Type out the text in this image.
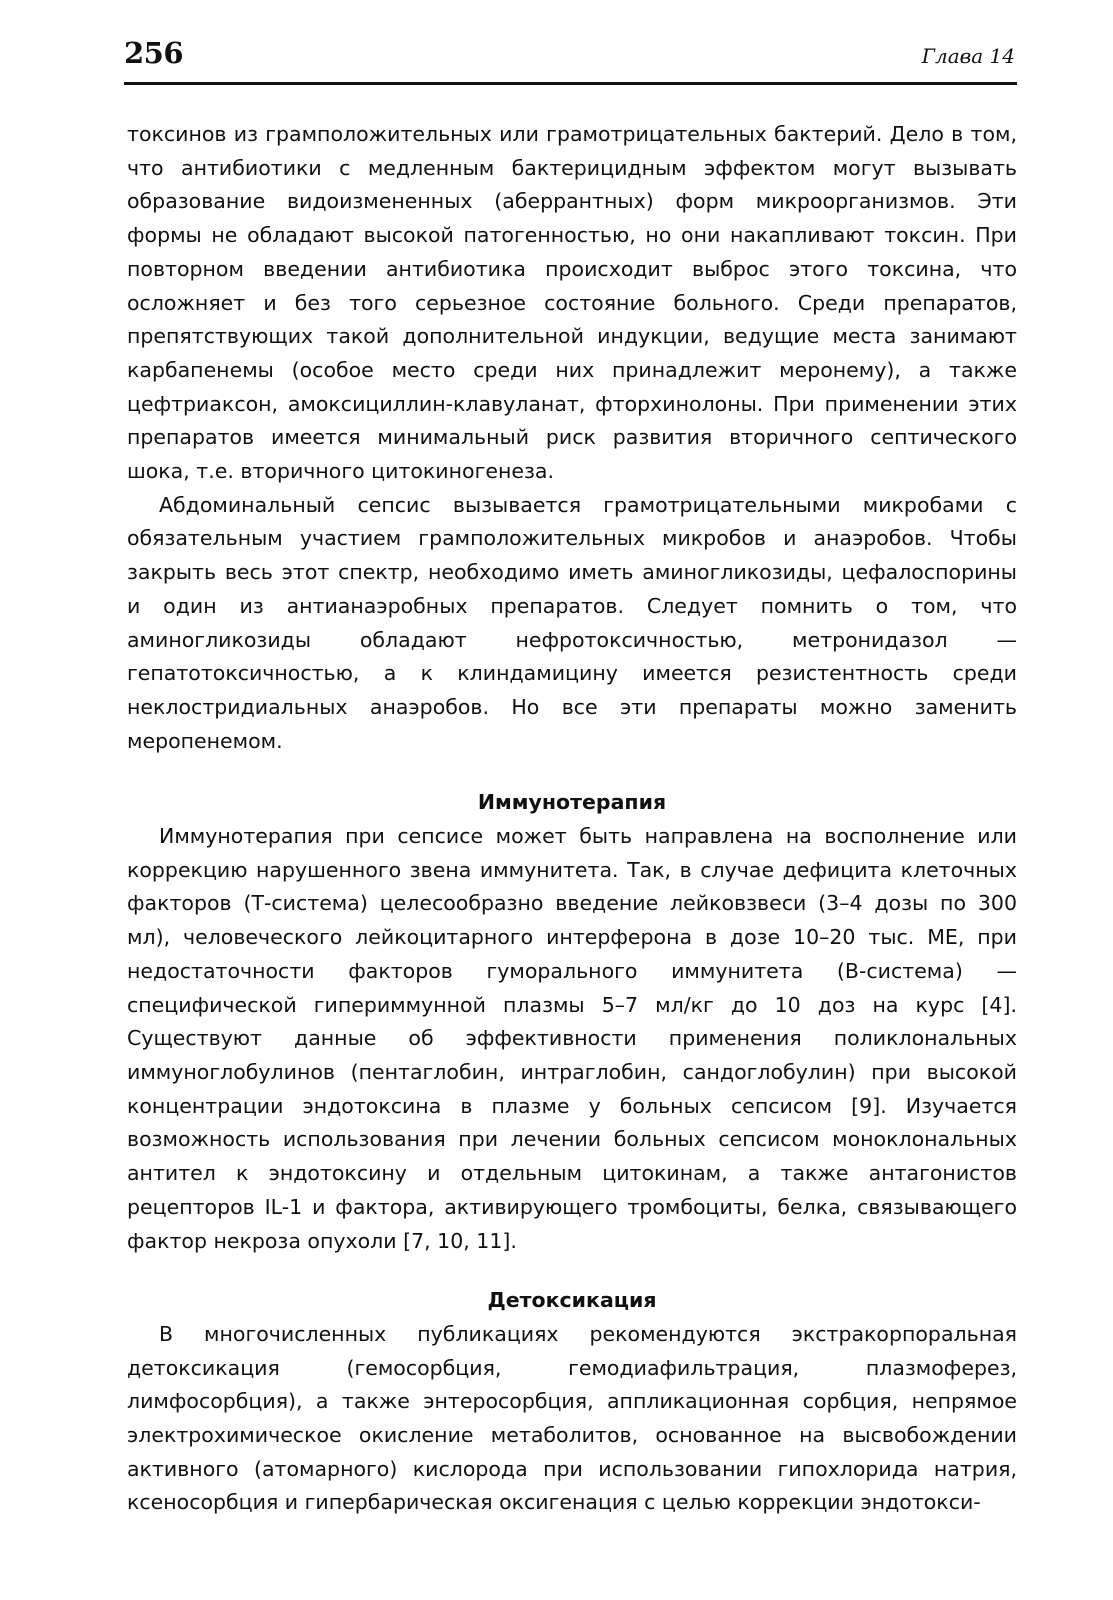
256	Глава 14

токсинов из грамположительных или грамотрицательных бактерий. Дело в том, что антибиотики с медленным бактерицидным эффектом могут вызывать образование видоизмененных (аберрантных) форм микроорганизмов. Эти формы не обладают высокой патогенностью, но они накапливают токсин. При повторном введении антибиотика происходит выброс этого токсина, что осложняет и без того серьезное состояние больного. Среди препаратов, препятствующих такой дополнительной индукции, ведущие места занимают карбапенемы (особое место среди них принадлежит меронему), а также цефтриаксон, амоксициллин-клавуланат, фторхинолоны. При применении этих препаратов имеется минимальный риск развития вторичного септического шока, т.е. вторичного цитокиногенеза.

Абдоминальный сепсис вызывается грамотрицательными микробами с обязательным участием грамположительных микробов и анаэробов. Чтобы закрыть весь этот спектр, необходимо иметь аминогликозиды, цефалоспорины и один из антианаэробных препаратов. Следует помнить о том, что аминогликозиды обладают нефротоксичностью, метронидазол — гепатотоксичностью, а к клиндамицину имеется резистентность среди неклостридиальных анаэробов. Но все эти препараты можно заменить меропенемом.

Иммунотерапия

Иммунотерапия при сепсисе может быть направлена на восполнение или коррекцию нарушенного звена иммунитета. Так, в случае дефицита клеточных факторов (Т-система) целесообразно введение лейковзвеси (3–4 дозы по 300 мл), человеческого лейкоцитарного интерферона в дозе 10–20 тыс. МЕ, при недостаточности факторов гуморального иммунитета (В-система) — специфической гипериммунной плазмы 5–7 мл/кг до 10 доз на курс [4]. Существуют данные об эффективности применения поликлональных иммуноглобулинов (пентаглобин, интраглобин, сандоглобулин) при высокой концентрации эндотоксина в плазме у больных сепсисом [9]. Изучается возможность использования при лечении больных сепсисом моноклональных антител к эндотоксину и отдельным цитокинам, а также антагонистов рецепторов IL-1 и фактора, активирующего тромбоциты, белка, связывающего фактор некроза опухоли [7, 10, 11].

Детоксикация

В многочисленных публикациях рекомендуются экстракорпоральная детоксикация (гемосорбция, гемодиафильтрация, плазмоферез, лимфосорбция), а также энтеросорбция, аппликационная сорбция, непрямое электрохимическое окисление метаболитов, основанное на высвобождении активного (атомарного) кислорода при использовании гипохлорида натрия, ксеносорбция и гипербарическая оксигенация с целью коррекции эндотокси-
